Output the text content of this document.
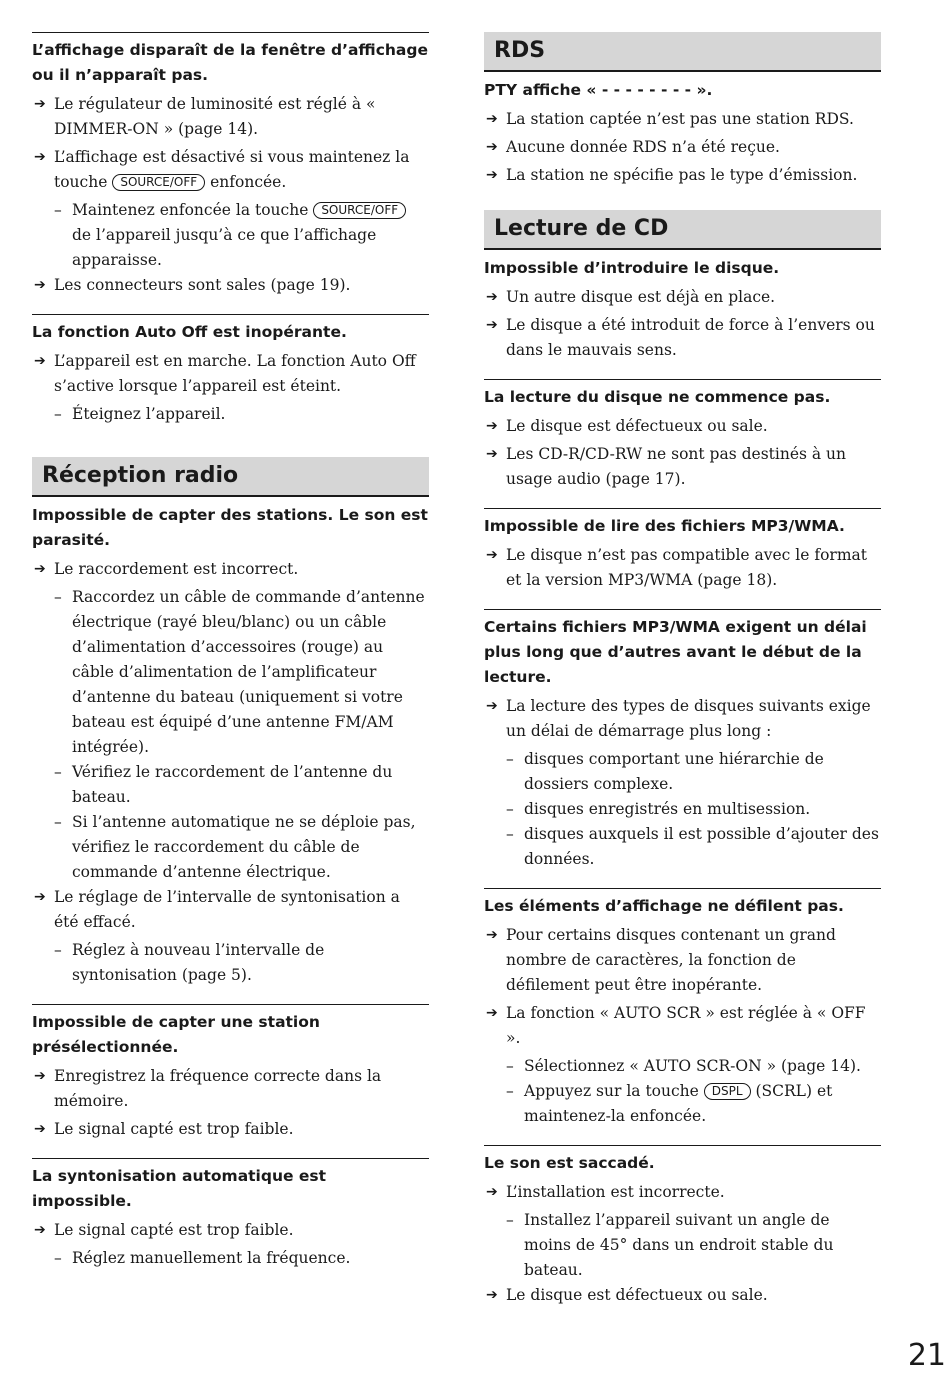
L’affichage disparaît de la fenêtre d’affichage ou il n’apparaît pas.
➔ Le régulateur de luminosité est réglé à « DIMMER-ON » (page 14).
➔ L’affichage est désactivé si vous maintenez la touche SOURCE/OFF enfoncée.
– Maintenez enfoncée la touche SOURCE/OFF de l’appareil jusqu’à ce que l’affichage apparaisse.
➔ Les connecteurs sont sales (page 19).
La fonction Auto Off est inopérante.
➔ L’appareil est en marche. La fonction Auto Off s’active lorsque l’appareil est éteint.
– Éteignez l’appareil.
Réception radio
Impossible de capter des stations. Le son est parasité.
➔ Le raccordement est incorrect.
– Raccordez un câble de commande d’antenne électrique (rayé bleu/blanc) ou un câble d’alimentation d’accessoires (rouge) au câble d’alimentation de l’amplificateur d’antenne du bateau (uniquement si votre bateau est équipé d’une antenne FM/AM intégrée).
– Vérifiez le raccordement de l’antenne du bateau.
– Si l’antenne automatique ne se déploie pas, vérifiez le raccordement du câble de commande d’antenne électrique.
➔ Le réglage de l’intervalle de syntonisation a été effacé.
– Réglez à nouveau l’intervalle de syntonisation (page 5).
Impossible de capter une station présélectionnée.
➔ Enregistrez la fréquence correcte dans la mémoire.
➔ Le signal capté est trop faible.
La syntonisation automatique est impossible.
➔ Le signal capté est trop faible.
– Réglez manuellement la fréquence.
RDS
PTY affiche « - - - - - - - - ».
➔ La station captée n’est pas une station RDS.
➔ Aucune donnée RDS n’a été reçue.
➔ La station ne spécifie pas le type d’émission.
Lecture de CD
Impossible d’introduire le disque.
➔ Un autre disque est déjà en place.
➔ Le disque a été introduit de force à l’envers ou dans le mauvais sens.
La lecture du disque ne commence pas.
➔ Le disque est défectueux ou sale.
➔ Les CD-R/CD-RW ne sont pas destinés à un usage audio (page 17).
Impossible de lire des fichiers MP3/WMA.
➔ Le disque n’est pas compatible avec le format et la version MP3/WMA (page 18).
Certains fichiers MP3/WMA exigent un délai plus long que d’autres avant le début de la lecture.
➔ La lecture des types de disques suivants exige un délai de démarrage plus long :
– disques comportant une hiérarchie de dossiers complexe.
– disques enregistrés en multisession.
– disques auxquels il est possible d’ajouter des données.
Les éléments d’affichage ne défilent pas.
➔ Pour certains disques contenant un grand nombre de caractères, la fonction de défilement peut être inopérante.
➔ La fonction « AUTO SCR » est réglée à « OFF ».
– Sélectionnez « AUTO SCR-ON » (page 14).
– Appuyez sur la touche DSPL (SCRL) et maintenez-la enfoncée.
Le son est saccadé.
➔ L’installation est incorrecte.
– Installez l’appareil suivant un angle de moins de 45° dans un endroit stable du bateau.
➔ Le disque est défectueux ou sale.
21
